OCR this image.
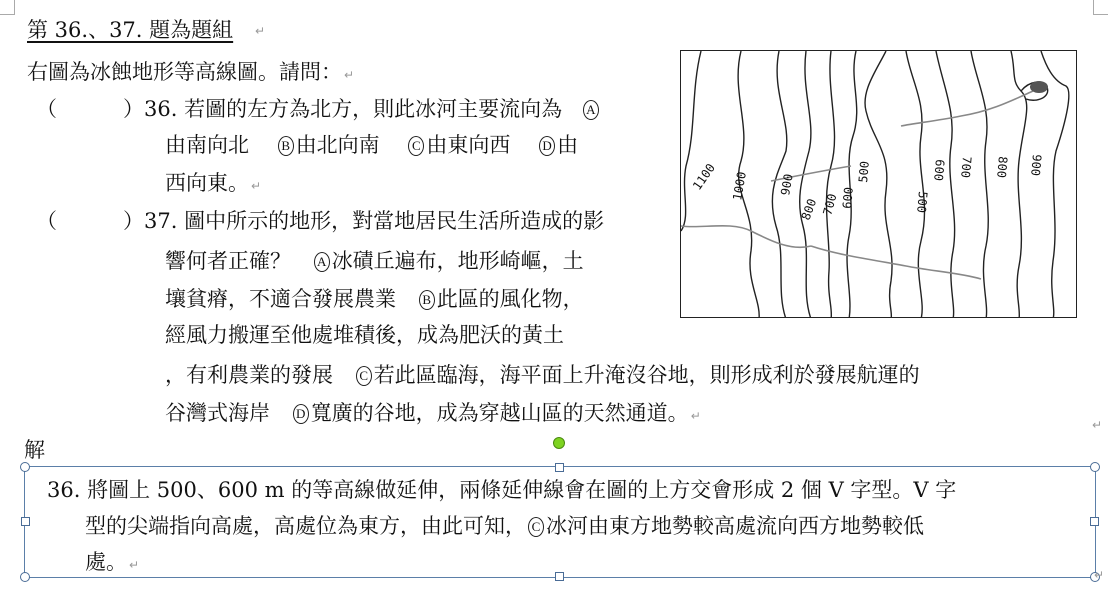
第 36.、37. 題為題組 ↵
右圖為冰蝕地形等高線圖。請問： ↵
（	）36. 若圖的左方為北方，則此冰河主要流向為 A
由南向北 B 由北向南 C 由東向西 D 由
西向東。 ↵
（	）37. 圖中所示的地形，對當地居民生活所造成的影
響何者正確？ A 冰磧丘遍布，地形崎嶇，土
壤貧瘠，不適合發展農業 B 此區的風化物，
經風力搬運至他處堆積後，成為肥沃的黃土
，有利農業的發展 C 若此區臨海，海平面上升淹沒谷地，則形成利於發展航運的
谷灣式海岸 D 寬廣的谷地，成為穿越山區的天然通道。 ↵
↵
1100 1000 900
800 700 600
500
500
600 700 800 900
解
36. 將圖上 500、600 m 的等高線做延伸，兩條延伸線會在圖的上方交會形成 2 個 V 字型。V 字
型的尖端指向高處，高處位為東方，由此可知， C 冰河由東方地勢較高處流向西方地勢較低
處。 ↵
↵
